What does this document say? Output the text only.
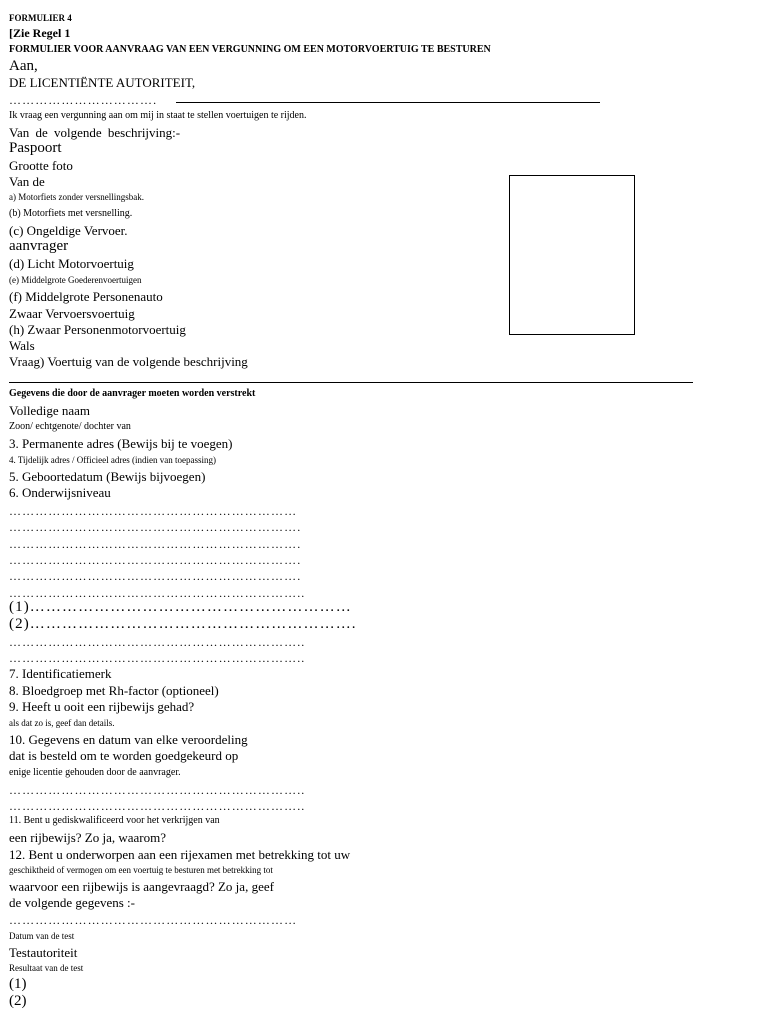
FORMULIER 4
[Zie Regel 1
FORMULIER VOOR AANVRAAG VAN EEN VERGUNNING OM EEN MOTORVOERTUIG TE BESTUREN
Aan,
DE LICENTIËNTE AUTORITEIT,
…………………………….
Ik vraag een vergunning aan om mij in staat te stellen voertuigen te rijden.
Van de volgende beschrijving:-
Paspoort
Grootte foto
Van de
a) Motorfiets zonder versnellingsbak.
(b) Motorfiets met versnelling.
(c) Ongeldige Vervoer.
aanvrager
(d) Licht Motorvoertuig
(e) Middelgrote Goederenvoertuigen
(f) Middelgrote Personenauto
Zwaar Vervoersvoertuig
(h) Zwaar Personenmotorvoertuig
Wals
Vraag) Voertuig van de volgende beschrijving
Gegevens die door de aanvrager moeten worden verstrekt
Volledige naam
Zoon/ echtgenote/ dochter van
3. Permanente adres (Bewijs bij te voegen)
4. Tijdelijk adres / Officieel adres (indien van toepassing)
5. Geboortedatum (Bewijs bijvoegen)
6. Onderwijsniveau
…………………………………………………………
………………………………………………………….
………………………………………………………….
………………………………………………………….
………………………………………………………….
…………………………………………………………..
(1)……………………………………………………
(2)…………………………………………………….
…………………………………………………………..
…………………………………………………………..
7. Identificatiemerk
8. Bloedgroep met Rh-factor (optioneel)
9. Heeft u ooit een rijbewijs gehad?
als dat zo is, geef dan details.
10. Gegevens en datum van elke veroordeling
dat is besteld om te worden goedgekeurd op
enige licentie gehouden door de aanvrager.
…………………………………………………………..
…………………………………………………………..
11. Bent u gediskwalificeerd voor het verkrijgen van
een rijbewijs? Zo ja, waarom?
12. Bent u onderworpen aan een rijexamen met betrekking tot uw
geschiktheid of vermogen om een voertuig te besturen met betrekking tot
waarvoor een rijbewijs is aangevraagd? Zo ja, geef
de volgende gegevens :-
…………………………………………………………
Datum van de test
Testautoriteit
Resultaat van de test
(1)
(2)
